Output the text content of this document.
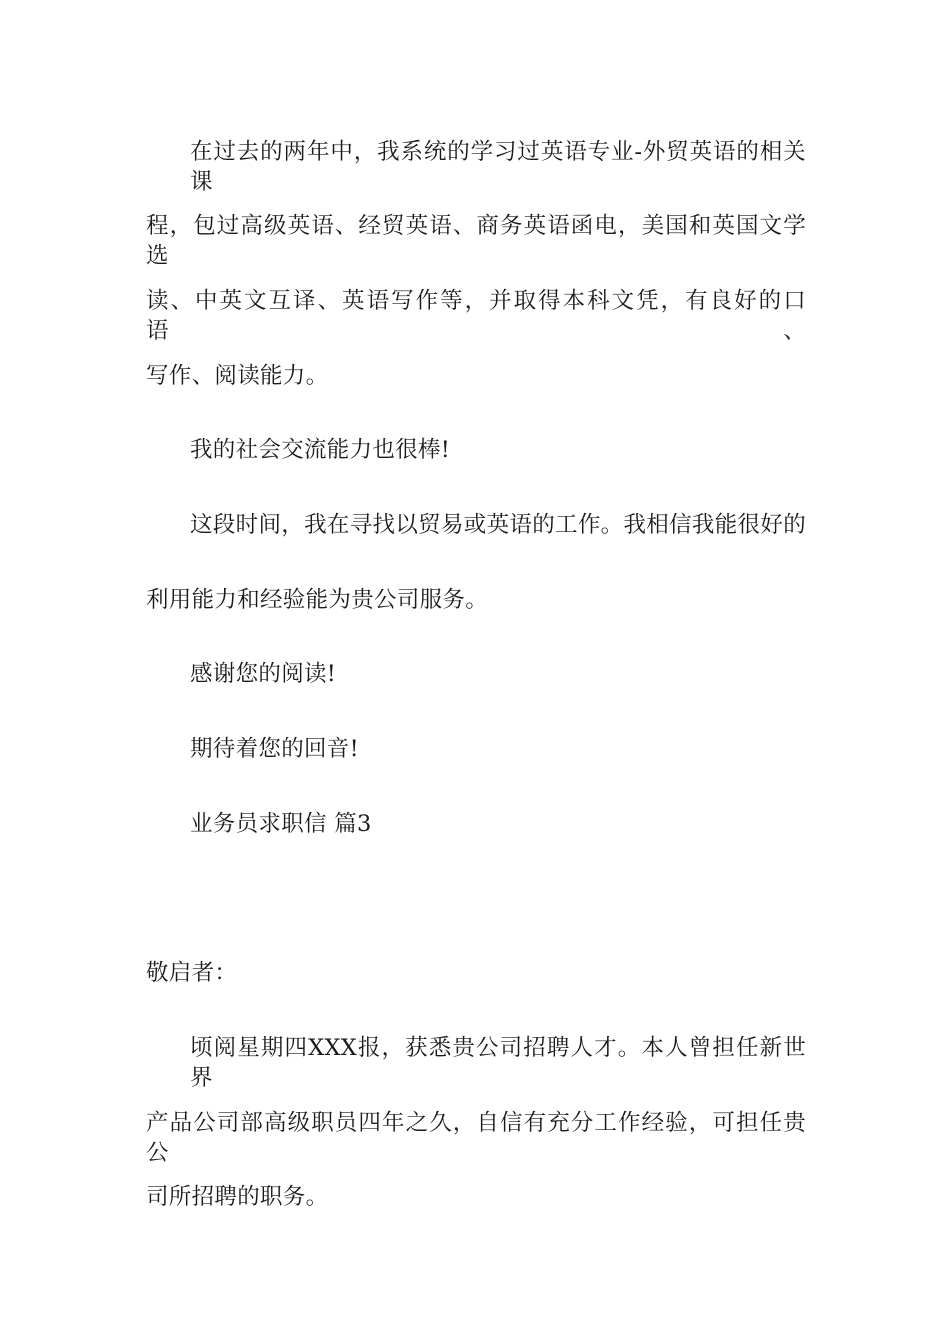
在过去的两年中，我系统的学习过英语专业-外贸英语的相关课
程，包过高级英语、经贸英语、商务英语函电，美国和英国文学选
读、中英文互译、英语写作等，并取得本科文凭，有良好的口语、
写作、阅读能力。
我的社会交流能力也很棒!
这段时间，我在寻找以贸易或英语的工作。我相信我能很好的
利用能力和经验能为贵公司服务。
感谢您的阅读!
期待着您的回音!
业务员求职信 篇3
敬启者：
顷阅星期四XXX报，获悉贵公司招聘人才。本人曾担任新世界
产品公司部高级职员四年之久，自信有充分工作经验，可担任贵公
司所招聘的职务。
